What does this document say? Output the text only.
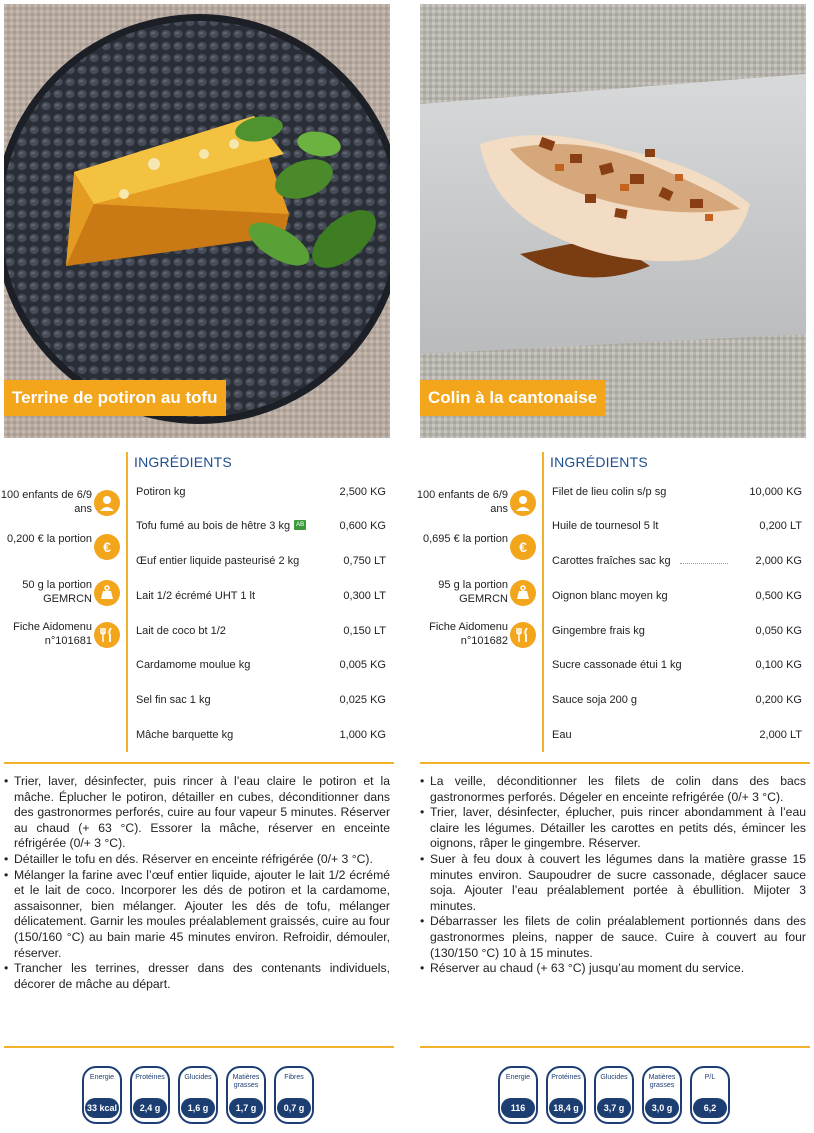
Terrine de potiron au tofu
INGRÉDIENTS
100 enfants de 6/9 ans
0,200 € la portion €
50 g la portion GEMRCN
Fiche Aidomenu n°101681
Potiron kg	2,500 KG
Tofu fumé au bois de hêtre 3 kg AB	0,600 KG
Œuf entier liquide pasteurisé 2 kg	0,750 LT
Lait 1/2 écrémé UHT 1 lt	0,300 LT
Lait de coco bt 1/2	0,150 LT
Cardamome moulue kg	0,005 KG
Sel fin sac 1 kg	0,025 KG
Mâche barquette kg	1,000 KG
• Trier, laver, désinfecter, puis rincer à l’eau claire le potiron et la mâche. Éplucher le potiron, détailler en cubes, déconditionner dans des gastronormes perforés, cuire au four vapeur 5 minutes. Réserver au chaud (+ 63 °C). Essorer la mâche, réserver en enceinte réfrigérée (0/+ 3 °C).
• Détailler le tofu en dés. Réserver en enceinte réfrigérée (0/+ 3 °C).
• Mélanger la farine avec l’œuf entier liquide, ajouter le lait 1/2 écrémé et le lait de coco. Incorporer les dés de potiron et la cardamome, assaisonner, bien mélanger. Ajouter les dés de tofu, mélanger délicatement. Garnir les moules préalablement graissés, cuire au four (150/160 °C) au bain marie 45 minutes environ. Refroidir, démouler, réserver.
• Trancher les terrines, dresser dans des contenants individuels, décorer de mâche au départ.
Energie
33 kcal
Protéines
2,4 g
Glucides
1,6 g
Matières grasses
1,7 g
Fibres
0,7 g
Colin à la cantonaise
INGRÉDIENTS
100 enfants de 6/9 ans
0,695 € la portion €
95 g la portion GEMRCN
Fiche Aidomenu n°101682
Filet de lieu colin s/p sg	10,000 KG
Huile de tournesol 5 lt	0,200 LT
Carottes fraîches sac kg	2,000 KG
Oignon blanc moyen kg	0,500 KG
Gingembre frais kg	0,050 KG
Sucre cassonade étui 1 kg	0,100 KG
Sauce soja 200 g	0,200 KG
Eau	2,000 LT
• La veille, déconditionner les filets de colin dans des bacs gastronormes perforés. Dégeler en enceinte refrigérée (0/+ 3 °C).
• Trier, laver, désinfecter, éplucher, puis rincer abondamment à l’eau claire les légumes. Détailler les carottes en petits dés, émincer les oignons, râper le gingembre. Réserver.
• Suer à feu doux à couvert les légumes dans la matière grasse 15 minutes environ. Saupoudrer de sucre cassonade, déglacer sauce soja. Ajouter l’eau préalablement portée à ébullition. Mijoter 3 minutes.
• Débarrasser les filets de colin préalablement portionnés dans des gastronormes pleins, napper de sauce. Cuire à couvert au four (130/150 °C) 10 à 15 minutes.
• Réserver au chaud (+ 63 °C) jusqu’au moment du service.
Energie
116 kcal
Protéines
18,4 g
Glucides
3,7 g
Matières grasses
3,0 g
P/L
6,2
